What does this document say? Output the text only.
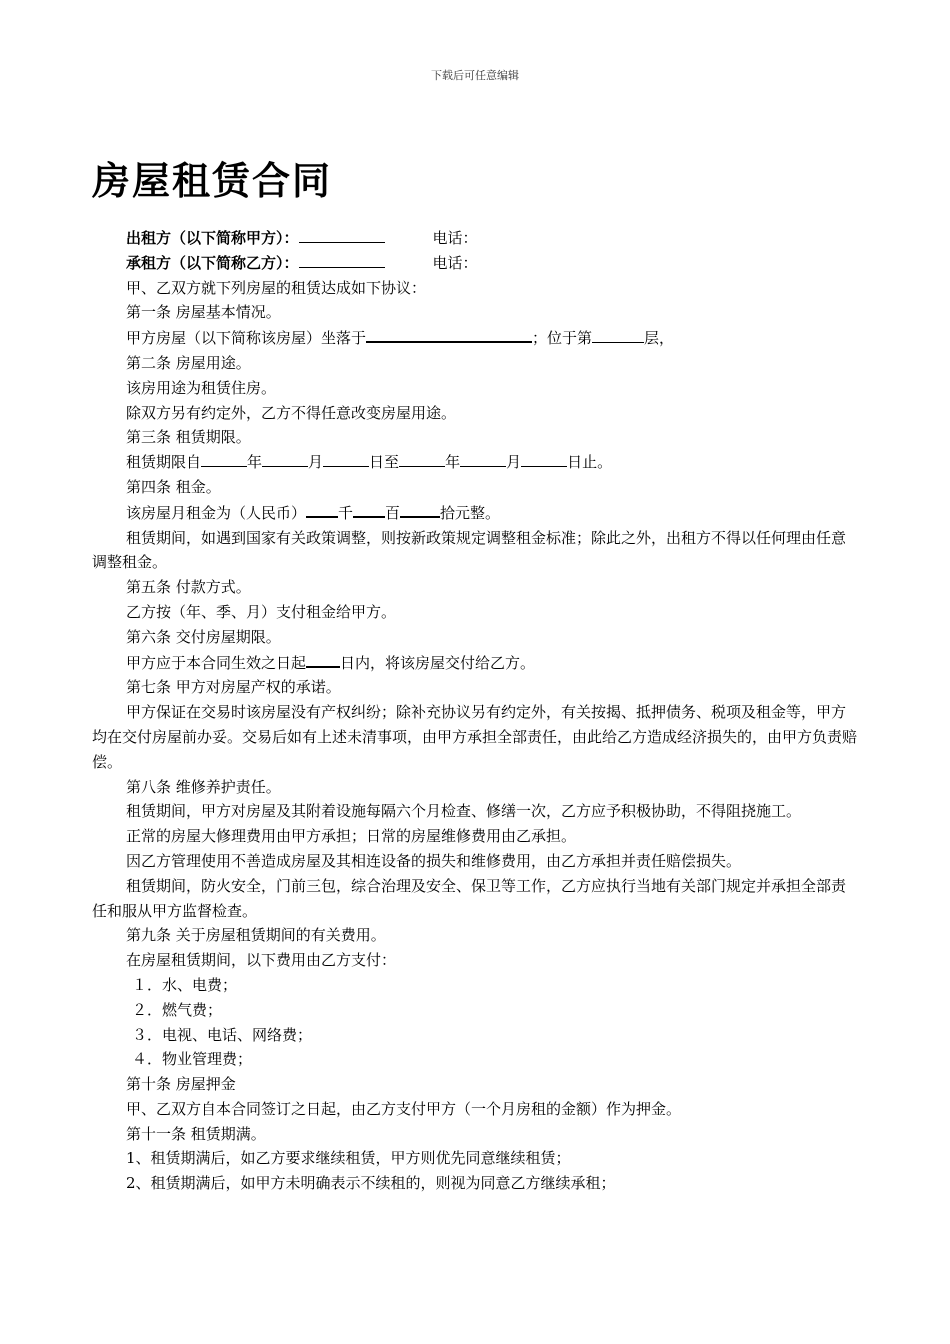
下载后可任意编辑
房屋租赁合同
出租方（以下简称甲方）：	电话：
承租方（以下简称乙方）：	电话：
甲、乙双方就下列房屋的租赁达成如下协议：
第一条 房屋基本情况。
甲方房屋（以下简称该房屋）坐落于	；位于第	层，
第二条 房屋用途。
该房用途为租赁住房。
除双方另有约定外，乙方不得任意改变房屋用途。
第三条 租赁期限。
租赁期限自	年	月	日至	年	月	日止。
第四条 租金。
该房屋月租金为（人民币） 千 百	拾元整。
租赁期间，如遇到国家有关政策调整，则按新政策规定调整租金标准；除此之外，出租方不得以任何理由任意调整租金。
第五条 付款方式。
乙方按（年、季、月）支付租金给甲方。
第六条 交付房屋期限。
甲方应于本合同生效之日起 日内，将该房屋交付给乙方。
第七条 甲方对房屋产权的承诺。
甲方保证在交易时该房屋没有产权纠纷；除补充协议另有约定外，有关按揭、抵押债务、税项及租金等，甲方均在交付房屋前办妥。交易后如有上述未清事项，由甲方承担全部责任，由此给乙方造成经济损失的，由甲方负责赔偿。
第八条 维修养护责任。
租赁期间，甲方对房屋及其附着设施每隔六个月检查、修缮一次，乙方应予积极协助，不得阻挠施工。
正常的房屋大修理费用由甲方承担；日常的房屋维修费用由乙承担。
因乙方管理使用不善造成房屋及其相连设备的损失和维修费用，由乙方承担并责任赔偿损失。
租赁期间，防火安全，门前三包，综合治理及安全、保卫等工作，乙方应执行当地有关部门规定并承担全部责任和服从甲方监督检查。
第九条 关于房屋租赁期间的有关费用。
在房屋租赁期间，以下费用由乙方支付：
１．水、电费；
２．燃气费；
３．电视、电话、网络费；
４．物业管理费；
第十条 房屋押金
甲、乙双方自本合同签订之日起，由乙方支付甲方（一个月房租的金额）作为押金。
第十一条 租赁期满。
1、租赁期满后，如乙方要求继续租赁，甲方则优先同意继续租赁；
2、租赁期满后，如甲方未明确表示不续租的，则视为同意乙方继续承租；
